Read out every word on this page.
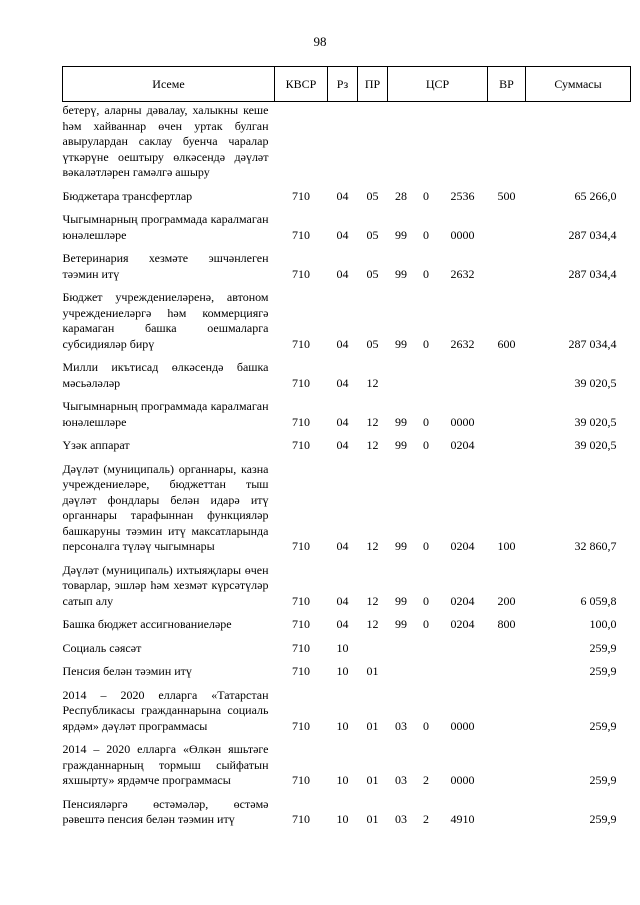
98
Исеме	КВСР	Рз	ПР	ЦСР			ВР	Суммасы
бетерү, аларны дәвалау, халыкны кеше һәм хайваннар өчен уртак булган авырулардан саклау буенча чаралар үткәрүне оештыру өлкәсендә дәүләт вәкаләтләрен гамәлгә ашыру								
Бюджетара трансфертлар	710	04	05	28	0	2536	500	65 266,0
Чыгымнарның программада каралмаган юнәлешләре	710	04	05	99	0	0000		287 034,4
Ветеринария хезмәте эшчәнлеген тәэмин итү	710	04	05	99	0	2632		287 034,4
Бюджет учреждениеләренә, автоном учреждениеләргә һәм коммерциягә карамаган башка оешмаларга субсидияләр бирү	710	04	05	99	0	2632	600	287 034,4
Милли икътисад өлкәсендә башка мәсьәләләр	710	04	12					39 020,5
Чыгымнарның программада каралмаган юнәлешләре	710	04	12	99	0	0000		39 020,5
Үзәк аппарат	710	04	12	99	0	0204		39 020,5
Дәүләт (муниципаль) органнары, казна учреждениеләре, бюджеттан тыш дәүләт фондлары белән идарә итү органнары тарафыннан функцияләр башкаруны тәэмин итү максатларында персоналга түләү чыгымнары	710	04	12	99	0	0204	100	32 860,7
Дәүләт (муниципаль) ихтыяҗлары өчен товарлар, эшләр һәм хезмәт күрсәтүләр сатып алу	710	04	12	99	0	0204	200	6 059,8
Башка бюджет ассигнованиеләре	710	04	12	99	0	0204	800	100,0
Социаль сәясәт	710	10						259,9
Пенсия белән тәэмин итү	710	10	01					259,9
2014 – 2020 елларга «Татарстан Республикасы гражданнарына социаль ярдәм» дәүләт программасы	710	10	01	03	0	0000		259,9
2014 – 2020 елларга «Өлкән яшьтәге гражданнарның тормыш сыйфатын яхшырту» ярдәмче программасы	710	10	01	03	2	0000		259,9
Пенсияләргә өстәмәләр, өстәмә рәвештә пенсия белән тәэмин итү	710	10	01	03	2	4910		259,9
